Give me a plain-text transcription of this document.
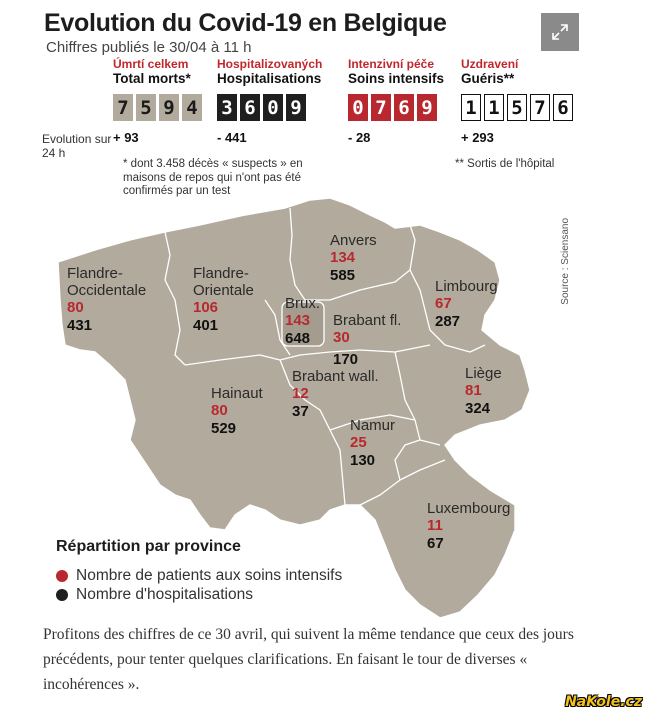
Evolution du Covid-19 en Belgique
Chiffres publiés le 30/04 à 11 h
Úmrtí celkem
Total morts*
7 5 9 4
+ 93
Hospitalizovaných
Hospitalisations
3 6 0 9
- 441
Intenzivní péče
Soins intensifs
0 7 6 9
- 28
Uzdravení
Guéris**
1 1 5 7 6
+ 293
Evolution sur 24 h
* dont 3.458 décès « suspects » en maisons de repos qui n'ont pas été confirmés par un test
** Sortis de l'hôpital
Source : Sciensano
Anvers
134
585
Flandre-Occidentale
80
431
Flandre-Orientale
106
401
Limbourg
67
287
Brux.
143
648
Brabant fl.
30
170
Brabant wall.
12
37
Hainaut
80
529
Liège
81
324
Namur
25
130
Luxembourg
11
67
Répartition par province
Nombre de patients aux soins intensifs
Nombre d'hospitalisations
Profitons des chiffres de ce 30 avril, qui suivent la même tendance que ceux des jours précédents, pour tenter quelques clarifications. En faisant le tour de diverses « incohérences ».
NaKole.cz
